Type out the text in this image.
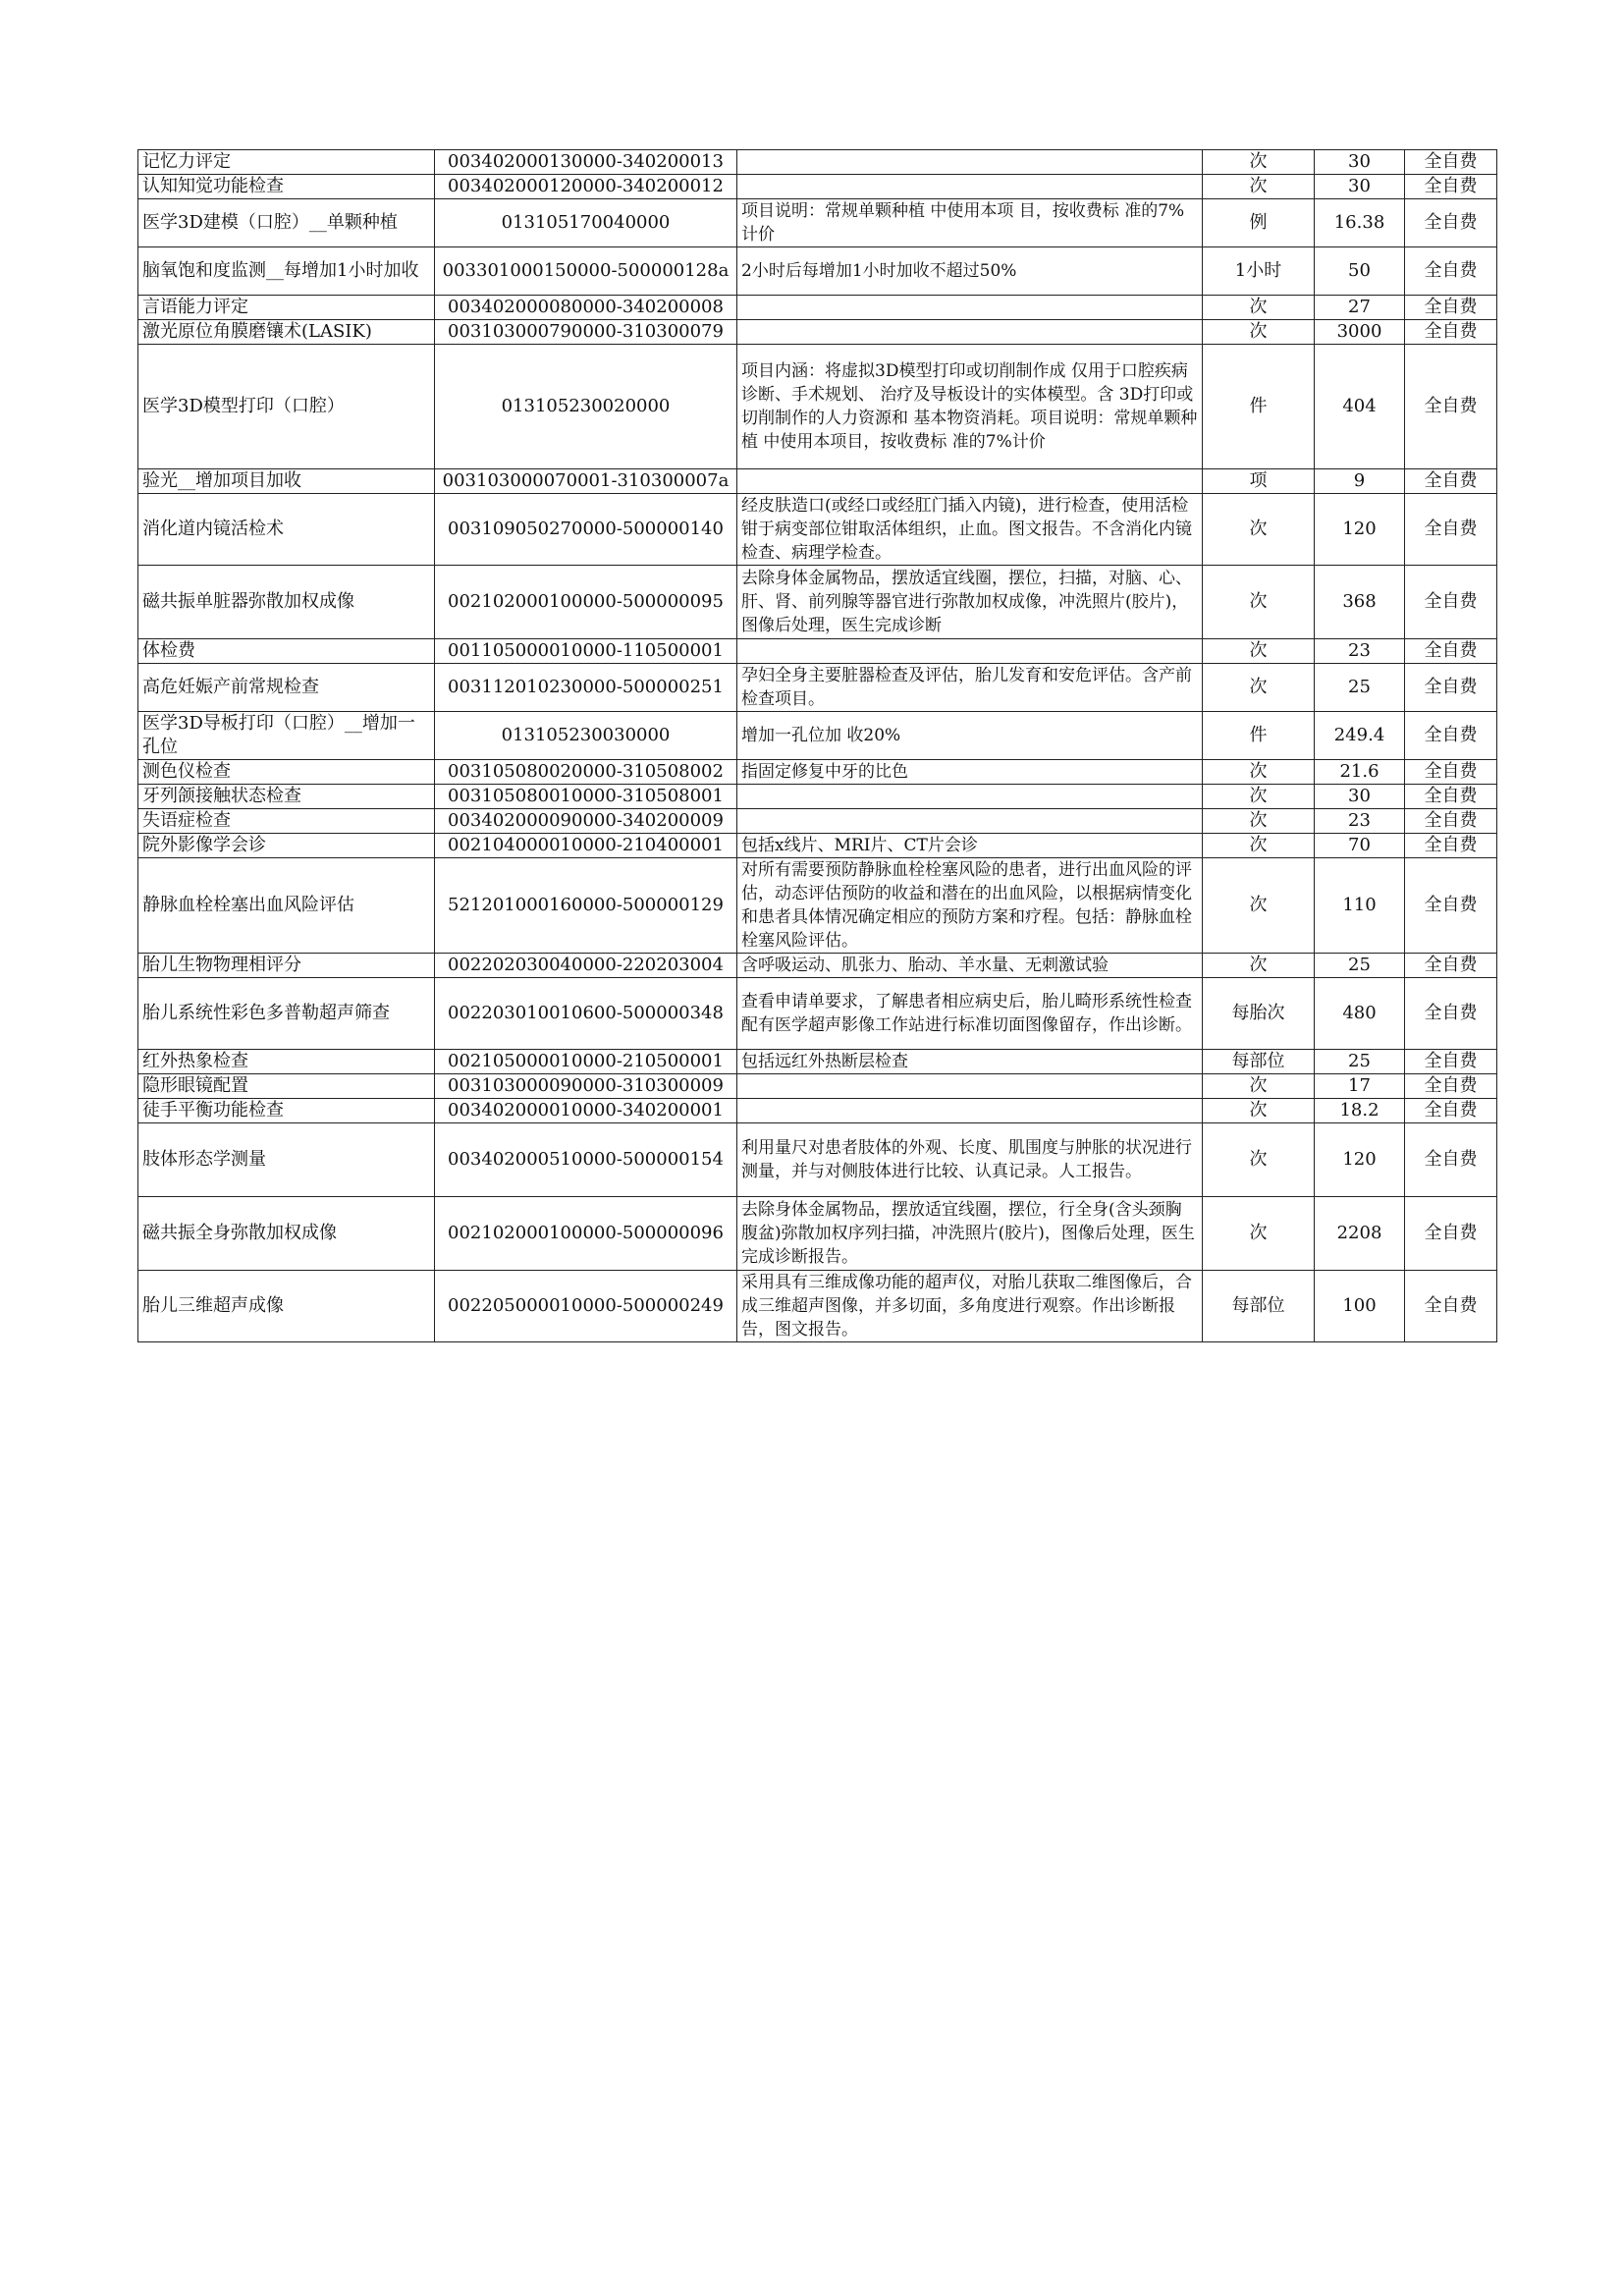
记忆力评定	003402000130000-340200013		次	30	全自费
认知知觉功能检查	003402000120000-340200012		次	30	全自费
医学3D建模（口腔）__单颗种植	013105170040000	项目说明：常规单颗种植 中使用本项 目，按收费标 准的7%计价	例	16.38	全自费
脑氧饱和度监测__每增加1小时加收	003301000150000-500000128a	2小时后每增加1小时加收不超过50%	1小时	50	全自费
言语能力评定	003402000080000-340200008		次	27	全自费
激光原位角膜磨镶术(LASIK)	003103000790000-310300079		次	3000	全自费
医学3D模型打印（口腔）	013105230020000	项目内涵：将虚拟3D模型打印或切削制作成 仅用于口腔疾病诊断、手术规划、 治疗及导板设计的实体模型。含 3D打印或切削制作的人力资源和 基本物资消耗。项目说明：常规单颗种植 中使用本项目，按收费标 准的7%计价	件	404	全自费
验光__增加项目加收	003103000070001-310300007a		项	9	全自费
消化道内镜活检术	003109050270000-500000140	经皮肤造口(或经口或经肛门插入内镜)，进行检查，使用活检钳于病变部位钳取活体组织，止血。图文报告。不含消化内镜检查、病理学检查。	次	120	全自费
磁共振单脏器弥散加权成像	002102000100000-500000095	去除身体金属物品，摆放适宜线圈，摆位，扫描，对脑、心、肝、肾、前列腺等器官进行弥散加权成像，冲洗照片(胶片)，图像后处理，医生完成诊断	次	368	全自费
体检费	001105000010000-110500001		次	23	全自费
高危妊娠产前常规检查	003112010230000-500000251	孕妇全身主要脏器检查及评估，胎儿发育和安危评估。含产前检查项目。	次	25	全自费
医学3D导板打印（口腔）__增加一孔位	013105230030000	增加一孔位加 收20%	件	249.4	全自费
测色仪检查	003105080020000-310508002	指固定修复中牙的比色	次	21.6	全自费
牙列颌接触状态检查	003105080010000-310508001		次	30	全自费
失语症检查	003402000090000-340200009		次	23	全自费
院外影像学会诊	002104000010000-210400001	包括x线片、MRI片、CT片会诊	次	70	全自费
静脉血栓栓塞出血风险评估	521201000160000-500000129	对所有需要预防静脉血栓栓塞风险的患者，进行出血风险的评估，动态评估预防的收益和潜在的出血风险，以根据病情变化和患者具体情况确定相应的预防方案和疗程。包括：静脉血栓栓塞风险评估。	次	110	全自费
胎儿生物物理相评分	002202030040000-220203004	含呼吸运动、肌张力、胎动、羊水量、无刺激试验	次	25	全自费
胎儿系统性彩色多普勒超声筛查	002203010010600-500000348	查看申请单要求，了解患者相应病史后，胎儿畸形系统性检查配有医学超声影像工作站进行标准切面图像留存，作出诊断。	每胎次	480	全自费
红外热象检查	002105000010000-210500001	包括远红外热断层检查	每部位	25	全自费
隐形眼镜配置	003103000090000-310300009		次	17	全自费
徒手平衡功能检查	003402000010000-340200001		次	18.2	全自费
肢体形态学测量	003402000510000-500000154	利用量尺对患者肢体的外观、长度、肌围度与肿胀的状况进行测量，并与对侧肢体进行比较、认真记录。人工报告。	次	120	全自费
磁共振全身弥散加权成像	002102000100000-500000096	去除身体金属物品，摆放适宜线圈，摆位，行全身(含头颈胸腹盆)弥散加权序列扫描，冲洗照片(胶片)，图像后处理，医生完成诊断报告。	次	2208	全自费
胎儿三维超声成像	002205000010000-500000249	采用具有三维成像功能的超声仪，对胎儿获取二维图像后，合成三维超声图像，并多切面，多角度进行观察。作出诊断报告，图文报告。	每部位	100	全自费
